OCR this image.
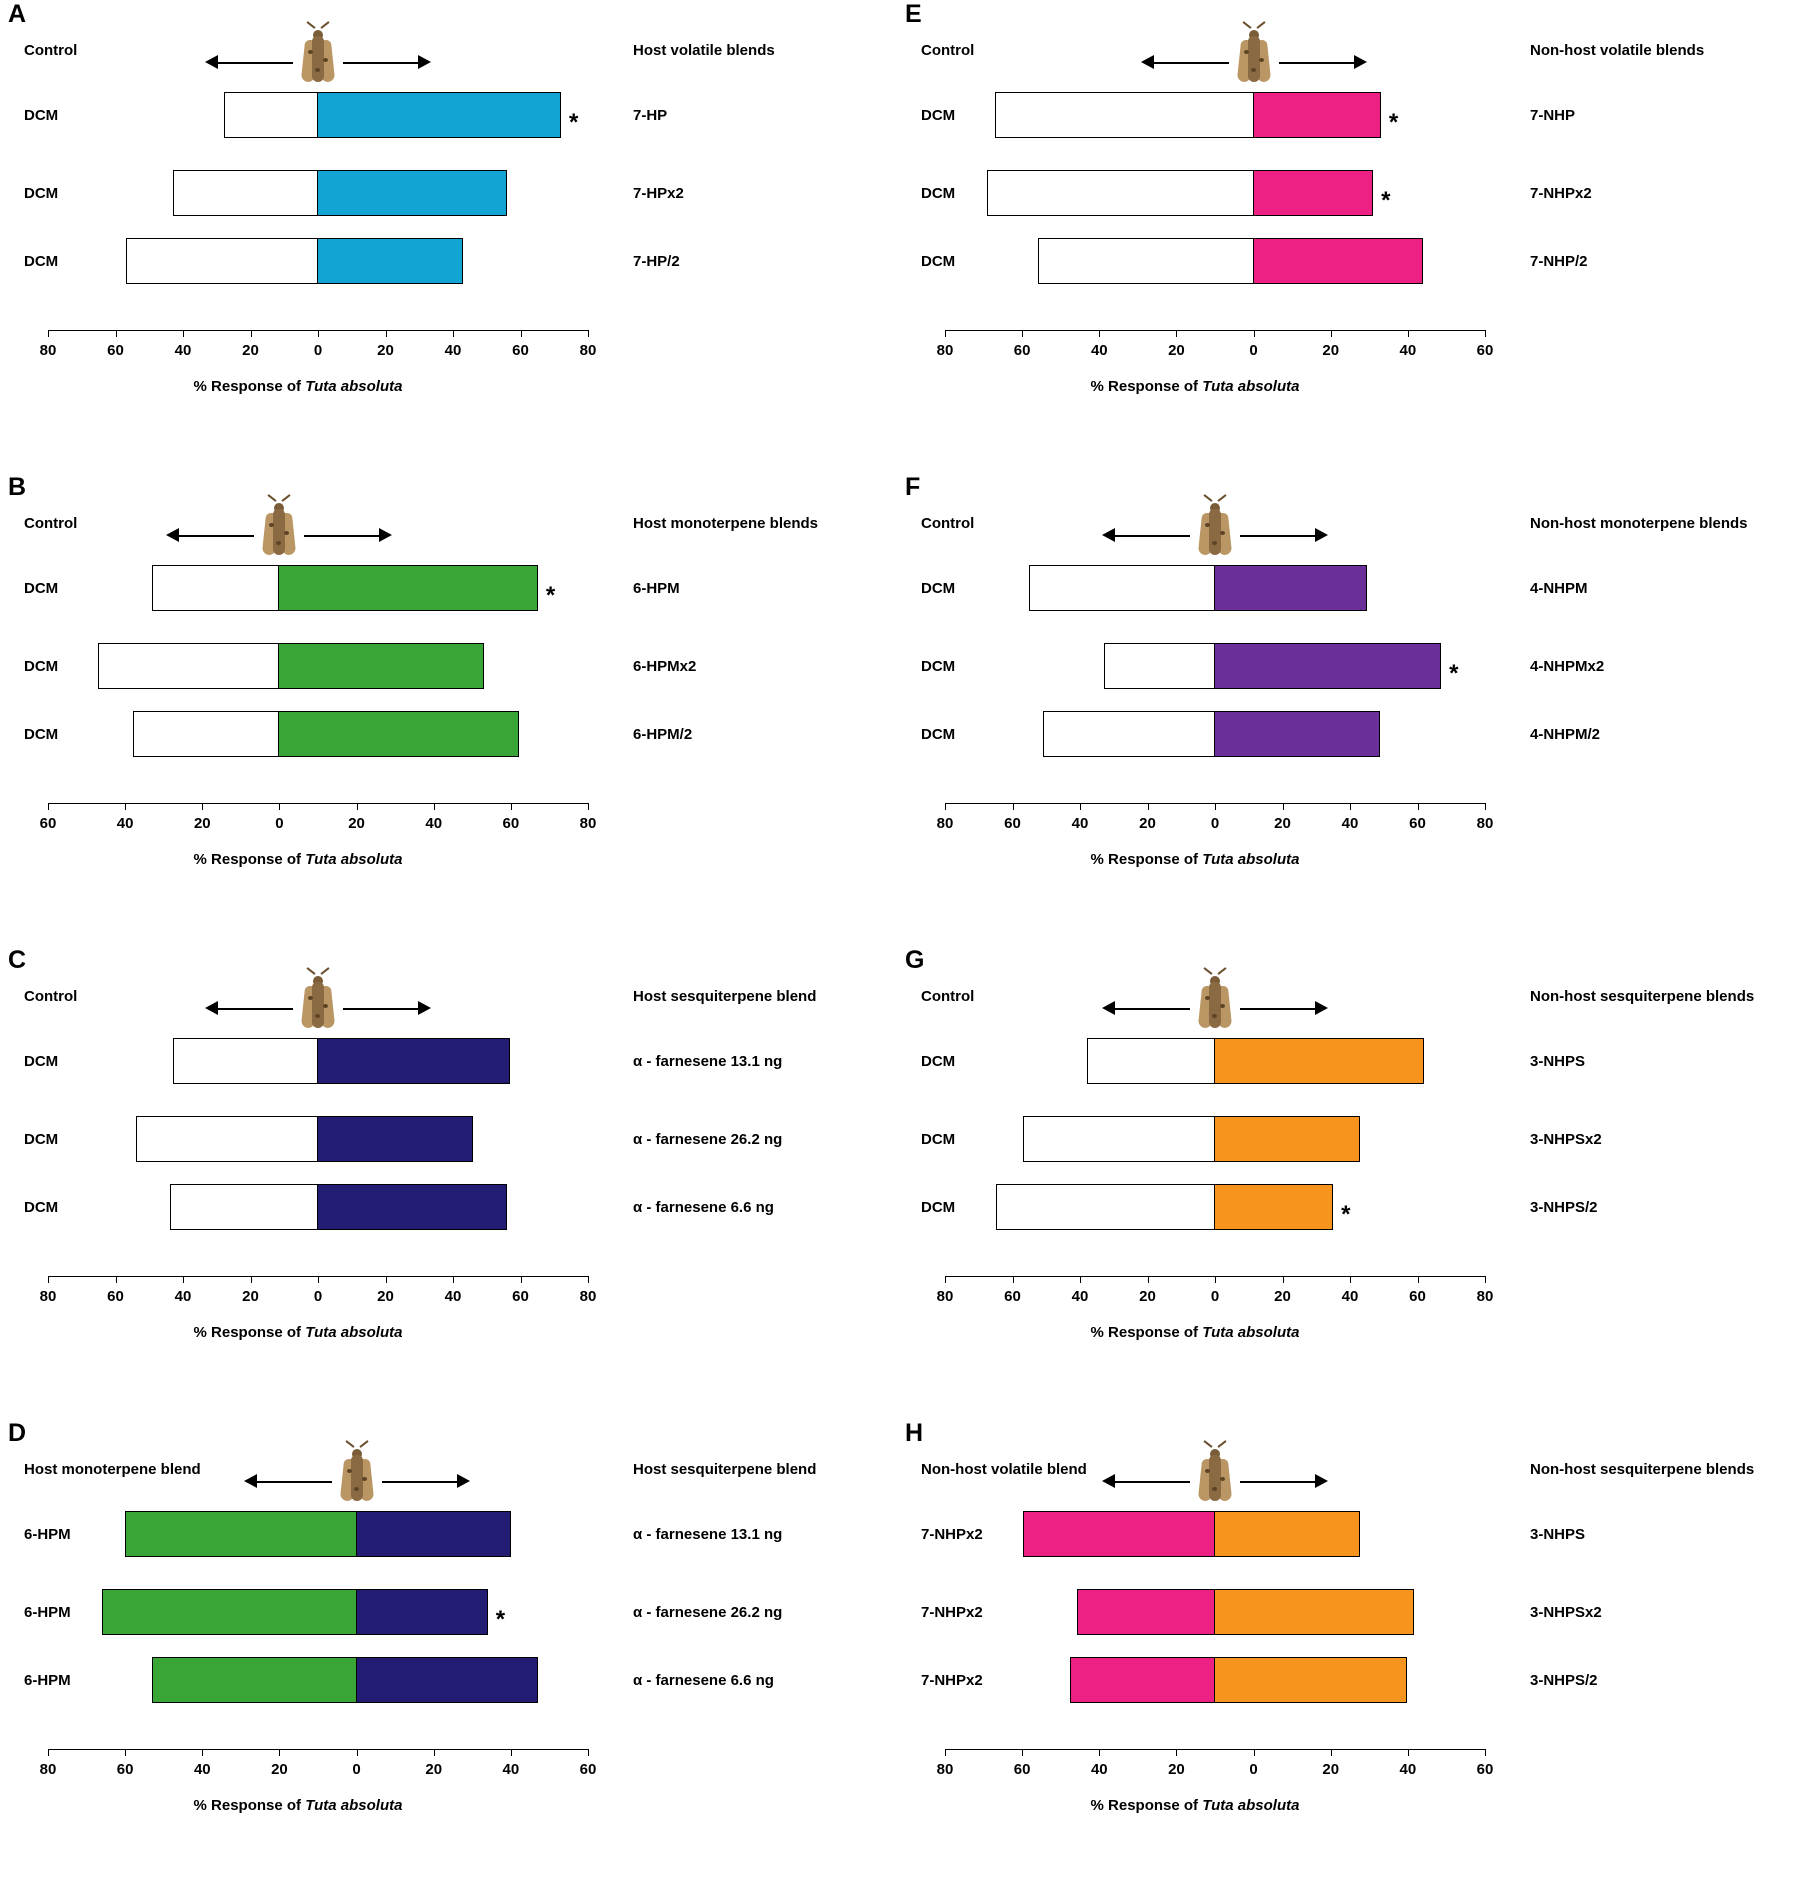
A
Control	Host volatile blends
DCM	7-HP
*
DCM	7-HPx2
DCM	7-HP/2
80	60	40	20	0	20	40	60	80
% Response of Tuta absoluta
B
Control	Host monoterpene blends
DCM	6-HPM
*
DCM	6-HPMx2
DCM	6-HPM/2
60	40	20	0	20	40	60	80
% Response of Tuta absoluta
C
Control	Host sesquiterpene blend
DCM	α - farnesene 13.1 ng
DCM	α - farnesene 26.2 ng
DCM	α - farnesene 6.6 ng
80	60	40	20	0	20	40	60	80
% Response of Tuta absoluta
D
Host monoterpene blend	Host sesquiterpene blend
6-HPM	α - farnesene 13.1 ng
6-HPM	α - farnesene 26.2 ng
*
6-HPM	α - farnesene 6.6 ng
80	60	40	20	0	20	40	60
% Response of Tuta absoluta
E
Control	Non-host volatile blends
DCM	7-NHP
*
DCM	7-NHPx2
*
DCM	7-NHP/2
80	60	40	20	0	20	40	60
% Response of Tuta absoluta
F
Control	Non-host monoterpene blends
DCM	4-NHPM
DCM	4-NHPMx2
*
DCM	4-NHPM/2
80	60	40	20	0	20	40	60	80
% Response of Tuta absoluta
G
Control	Non-host sesquiterpene blends
DCM	3-NHPS
DCM	3-NHPSx2
DCM	3-NHPS/2
*
80	60	40	20	0	20	40	60	80
% Response of Tuta absoluta
H
Non-host volatile blend	Non-host sesquiterpene blends
7-NHPx2	3-NHPS
7-NHPx2	3-NHPSx2
7-NHPx2	3-NHPS/2
80	60	40	20	0	20	40	60
% Response of Tuta absoluta
